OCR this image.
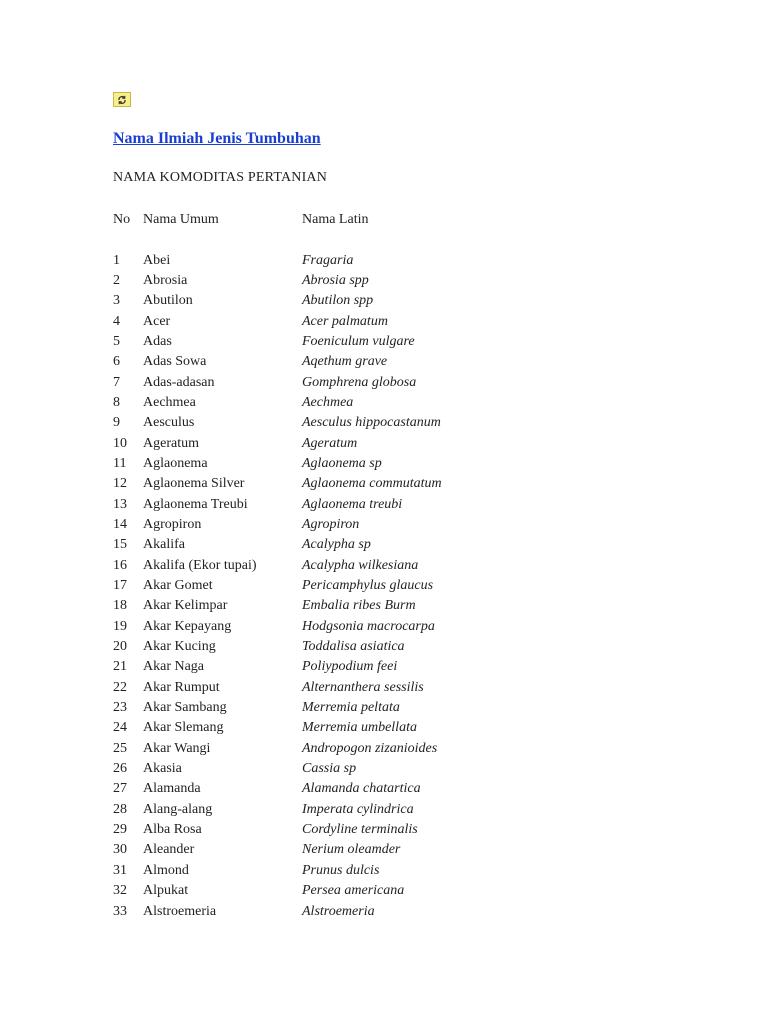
Nama Ilmiah Jenis Tumbuhan
NAMA KOMODITAS PERTANIAN
No Nama Umum	Nama Latin
1 Abei	Fragaria
2 Abrosia	Abrosia spp
3 Abutilon	Abutilon spp
4 Acer	Acer palmatum
5 Adas	Foeniculum vulgare
6 Adas Sowa	Aqethum grave
7 Adas-adasan	Gomphrena globosa
8 Aechmea	Aechmea
9 Aesculus	Aesculus hippocastanum
10 Ageratum	Ageratum
11 Aglaonema	Aglaonema sp
12 Aglaonema Silver	Aglaonema commutatum
13 Aglaonema Treubi	Aglaonema treubi
14 Agropiron	Agropiron
15 Akalifa	Acalypha sp
16 Akalifa (Ekor tupai)	Acalypha wilkesiana
17 Akar Gomet	Pericamphylus glaucus
18 Akar Kelimpar	Embalia ribes Burm
19 Akar Kepayang	Hodgsonia macrocarpa
20 Akar Kucing	Toddalisa asiatica
21 Akar Naga	Poliypodium feei
22 Akar Rumput	Alternanthera sessilis
23 Akar Sambang	Merremia peltata
24 Akar Slemang	Merremia umbellata
25 Akar Wangi	Andropogon zizanioides
26 Akasia	Cassia sp
27 Alamanda	Alamanda chatartica
28 Alang-alang	Imperata cylindrica
29 Alba Rosa	Cordyline terminalis
30 Aleander	Nerium oleamder
31 Almond	Prunus dulcis
32 Alpukat	Persea americana
33 Alstroemeria	Alstroemeria
